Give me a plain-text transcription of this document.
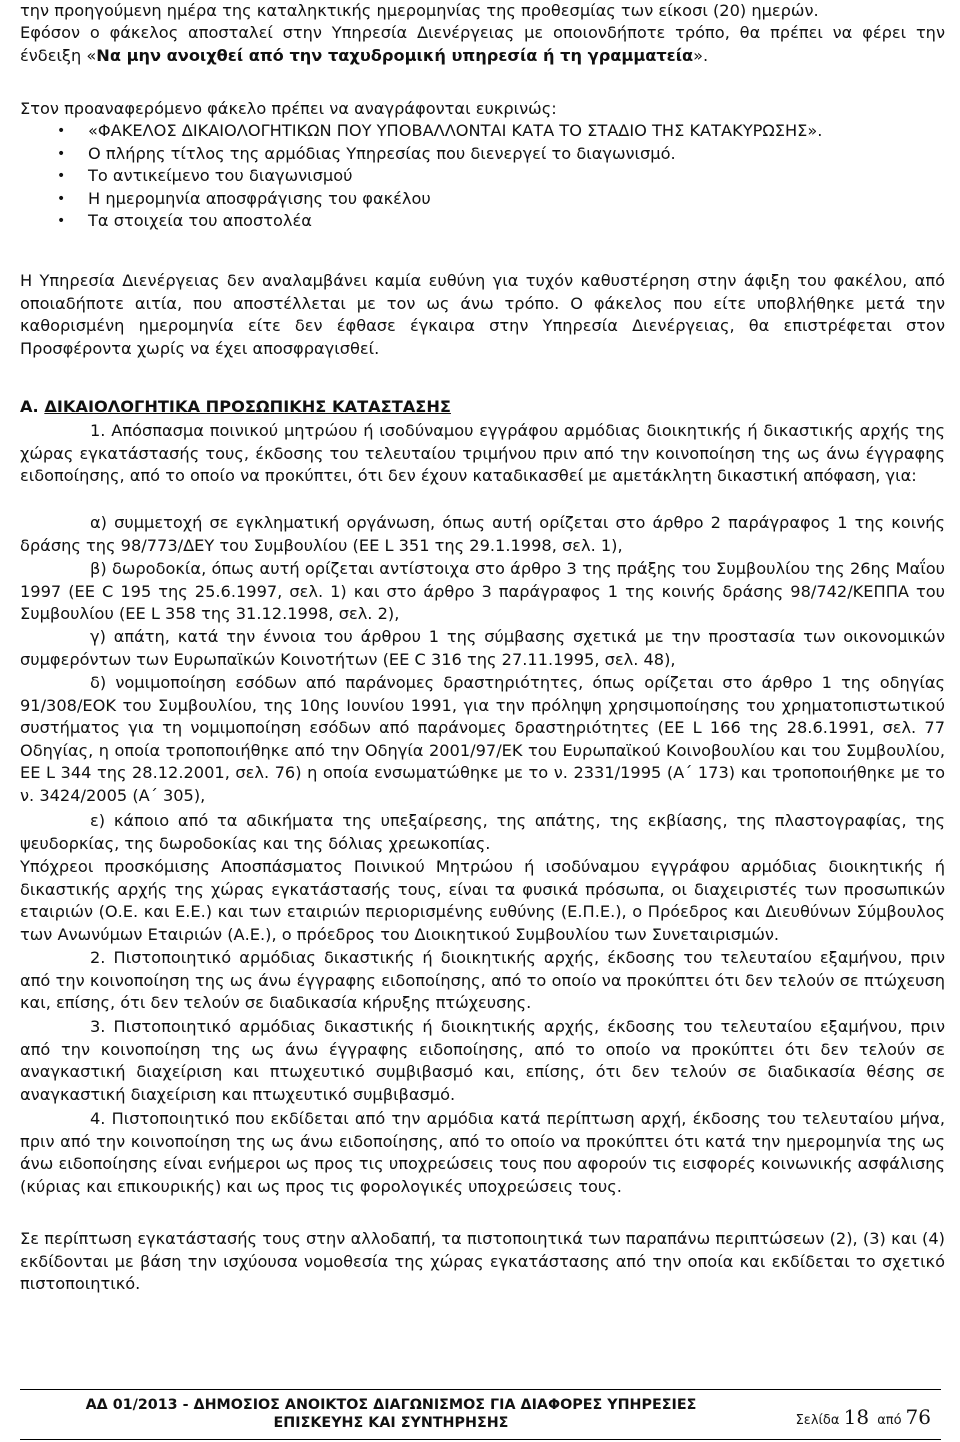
την προηγούμενη ημέρα της καταληκτικής ημερομηνίας της προθεσμίας των είκοσι (20) ημερών.
Εφόσον ο φάκελος αποσταλεί στην Υπηρεσία Διενέργειας με οποιονδήποτε τρόπο, θα πρέπει να φέρει την ένδειξη «Να μην ανοιχθεί από την ταχυδρομική υπηρεσία ή τη γραμματεία».
Στον προαναφερόμενο φάκελο πρέπει να αναγράφονται ευκρινώς:
• «ΦΑΚΕΛΟΣ ΔΙΚΑΙΟΛΟΓΗΤΙΚΩΝ ΠΟΥ ΥΠΟΒΑΛΛΟΝΤΑΙ ΚΑΤΑ ΤΟ ΣΤΑΔΙΟ ΤΗΣ ΚΑΤΑΚΥΡΩΣΗΣ».
• Ο πλήρης τίτλος της αρμόδιας Υπηρεσίας που διενεργεί το διαγωνισμό.
• Το αντικείμενο του διαγωνισμού
• Η ημερομηνία αποσφράγισης του φακέλου
• Τα στοιχεία του αποστολέα
Η Υπηρεσία Διενέργειας δεν αναλαμβάνει καμία ευθύνη για τυχόν καθυστέρηση στην άφιξη του φακέλου, από οποιαδήποτε αιτία, που αποστέλλεται με τον ως άνω τρόπο. Ο φάκελος που είτε υποβλήθηκε μετά την καθορισμένη ημερομηνία είτε δεν έφθασε έγκαιρα στην Υπηρεσία Διενέργειας, θα επιστρέφεται στον Προσφέροντα χωρίς να έχει αποσφραγισθεί.
Α. ΔΙΚΑΙΟΛΟΓΗΤΙΚΑ ΠΡΟΣΩΠΙΚΗΣ ΚΑΤΑΣΤΑΣΗΣ
1. Απόσπασμα ποινικού μητρώου ή ισοδύναμου εγγράφου αρμόδιας διοικητικής ή δικαστικής αρχής της χώρας εγκατάστασής τους, έκδοσης του τελευταίου τριμήνου πριν από την κοινοποίηση της ως άνω έγγραφης ειδοποίησης, από το οποίο να προκύπτει, ότι δεν έχουν καταδικασθεί με αμετάκλητη δικαστική απόφαση, για:
α) συμμετοχή σε εγκληματική οργάνωση, όπως αυτή ορίζεται στο άρθρο 2 παράγραφος 1 της κοινής δράσης της 98/773/ΔΕΥ του Συμβουλίου (ΕΕ L 351 της 29.1.1998, σελ. 1),
β) δωροδοκία, όπως αυτή ορίζεται αντίστοιχα στο άρθρο 3 της πράξης του Συμβουλίου της 26ης Μαΐου 1997 (ΕΕ C 195 της 25.6.1997, σελ. 1) και στο άρθρο 3 παράγραφος 1 της κοινής δράσης 98/742/ΚΕΠΠΑ του Συμβουλίου (ΕΕ L 358 της 31.12.1998, σελ. 2),
γ) απάτη, κατά την έννοια του άρθρου 1 της σύμβασης σχετικά με την προστασία των οικονομικών συμφερόντων των Ευρωπαϊκών Κοινοτήτων (ΕΕ C 316 της 27.11.1995, σελ. 48),
δ) νομιμοποίηση εσόδων από παράνομες δραστηριότητες, όπως ορίζεται στο άρθρο 1 της οδηγίας 91/308/ΕΟΚ του Συμβουλίου, της 10ης Ιουνίου 1991, για την πρόληψη χρησιμοποίησης του χρηματοπιστωτικού συστήματος για τη νομιμοποίηση εσόδων από παράνομες δραστηριότητες (ΕΕ L 166 της 28.6.1991, σελ. 77 Οδηγίας, η οποία τροποποιήθηκε από την Οδηγία 2001/97/ΕΚ του Ευρωπαϊκού Κοινοβουλίου και του Συμβουλίου, ΕΕ L 344 της 28.12.2001, σελ. 76) η οποία ενσωματώθηκε με το ν. 2331/1995 (Α΄ 173) και τροποποιήθηκε με το ν. 3424/2005 (Α΄ 305),
ε) κάποιο από τα αδικήματα της υπεξαίρεσης, της απάτης, της εκβίασης, της πλαστογραφίας, της ψευδορκίας, της δωροδοκίας και της δόλιας χρεωκοπίας.
Υπόχρεοι προσκόμισης Αποσπάσματος Ποινικού Μητρώου ή ισοδύναμου εγγράφου αρμόδιας διοικητικής ή δικαστικής αρχής της χώρας εγκατάστασής τους, είναι τα φυσικά πρόσωπα, οι διαχειριστές των προσωπικών εταιριών (Ο.Ε. και Ε.Ε.) και των εταιριών περιορισμένης ευθύνης (Ε.Π.Ε.), ο Πρόεδρος και Διευθύνων Σύμβουλος των Ανωνύμων Εταιριών (Α.Ε.), ο πρόεδρος του Διοικητικού Συμβουλίου των Συνεταιρισμών.
2. Πιστοποιητικό αρμόδιας δικαστικής ή διοικητικής αρχής, έκδοσης του τελευταίου εξαμήνου, πριν από την κοινοποίηση της ως άνω έγγραφης ειδοποίησης, από το οποίο να προκύπτει ότι δεν τελούν σε πτώχευση και, επίσης, ότι δεν τελούν σε διαδικασία κήρυξης πτώχευσης.
3. Πιστοποιητικό αρμόδιας δικαστικής ή διοικητικής αρχής, έκδοσης του τελευταίου εξαμήνου, πριν από την κοινοποίηση της ως άνω έγγραφης ειδοποίησης, από το οποίο να προκύπτει ότι δεν τελούν σε αναγκαστική διαχείριση και πτωχευτικό συμβιβασμό και, επίσης, ότι δεν τελούν σε διαδικασία θέσης σε αναγκαστική διαχείριση και πτωχευτικό συμβιβασμό.
4. Πιστοποιητικό που εκδίδεται από την αρμόδια κατά περίπτωση αρχή, έκδοσης του τελευταίου μήνα, πριν από την κοινοποίηση της ως άνω ειδοποίησης, από το οποίο να προκύπτει ότι κατά την ημερομηνία της ως άνω ειδοποίησης είναι ενήμεροι ως προς τις υποχρεώσεις τους που αφορούν τις εισφορές κοινωνικής ασφάλισης (κύριας και επικουρικής) και ως προς τις φορολογικές υποχρεώσεις τους.
Σε περίπτωση εγκατάστασής τους στην αλλοδαπή, τα πιστοποιητικά των παραπάνω περιπτώσεων (2), (3) και (4) εκδίδονται με βάση την ισχύουσα νομοθεσία της χώρας εγκατάστασης από την οποία και εκδίδεται το σχετικό πιστοποιητικό.
ΑΔ 01/2013 - ΔΗΜΟΣΙΟΣ ΑΝΟΙΚΤΟΣ ΔΙΑΓΩΝΙΣΜΟΣ ΓΙΑ ΔΙΑΦΟΡΕΣ ΥΠΗΡΕΣΙΕΣ
ΕΠΙΣΚΕΥΗΣ ΚΑΙ ΣΥΝΤΗΡΗΣΗΣ	Σελίδα 18 από 76
